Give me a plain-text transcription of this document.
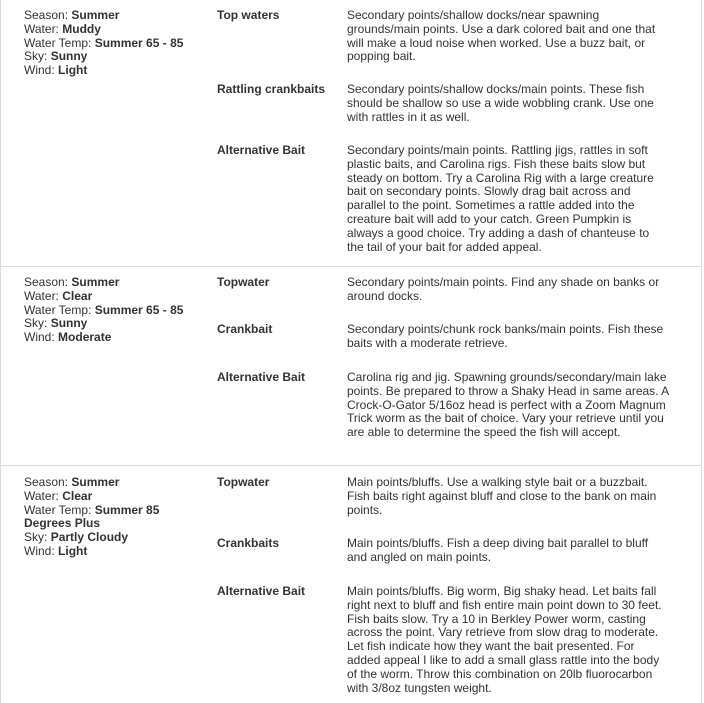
Season: Summer
Water: Muddy
Water Temp: Summer 65 - 85
Sky: Sunny
Wind: Light
Top waters	Secondary points/shallow docks/near spawning grounds/main points. Use a dark colored bait and one that will make a loud noise when worked. Use a buzz bait, or popping bait.
Rattling crankbaits	Secondary points/shallow docks/main points. These fish should be shallow so use a wide wobbling crank. Use one with rattles in it as well.
Alternative Bait	Secondary points/main points. Rattling jigs, rattles in soft plastic baits, and Carolina rigs. Fish these baits slow but steady on bottom. Try a Carolina Rig with a large creature bait on secondary points. Slowly drag bait across and parallel to the point. Sometimes a rattle added into the creature bait will add to your catch. Green Pumpkin is always a good choice. Try adding a dash of chanteuse to the tail of your bait for added appeal.
Season: Summer
Water: Clear
Water Temp: Summer 65 - 85
Sky: Sunny
Wind: Moderate
Topwater	Secondary points/main points. Find any shade on banks or around docks.
Crankbait	Secondary points/chunk rock banks/main points. Fish these baits with a moderate retrieve.
Alternative Bait	Carolina rig and jig. Spawning grounds/secondary/main lake points. Be prepared to throw a Shaky Head in same areas. A Crock-O-Gator 5/16oz head is perfect with a Zoom Magnum Trick worm as the bait of choice. Vary your retrieve until you are able to determine the speed the fish will accept.
Season: Summer
Water: Clear
Water Temp: Summer 85 Degrees Plus
Sky: Partly Cloudy
Wind: Light
Topwater	Main points/bluffs. Use a walking style bait or a buzzbait. Fish baits right against bluff and close to the bank on main points.
Crankbaits	Main points/bluffs. Fish a deep diving bait parallel to bluff and angled on main points.
Alternative Bait	Main points/bluffs. Big worm, Big shaky head. Let baits fall right next to bluff and fish entire main point down to 30 feet. Fish baits slow. Try a 10 in Berkley Power worm, casting across the point. Vary retrieve from slow drag to moderate. Let fish indicate how they want the bait presented. For added appeal I like to add a small glass rattle into the body of the worm. Throw this combination on 20lb fluorocarbon with 3/8oz tungsten weight.
